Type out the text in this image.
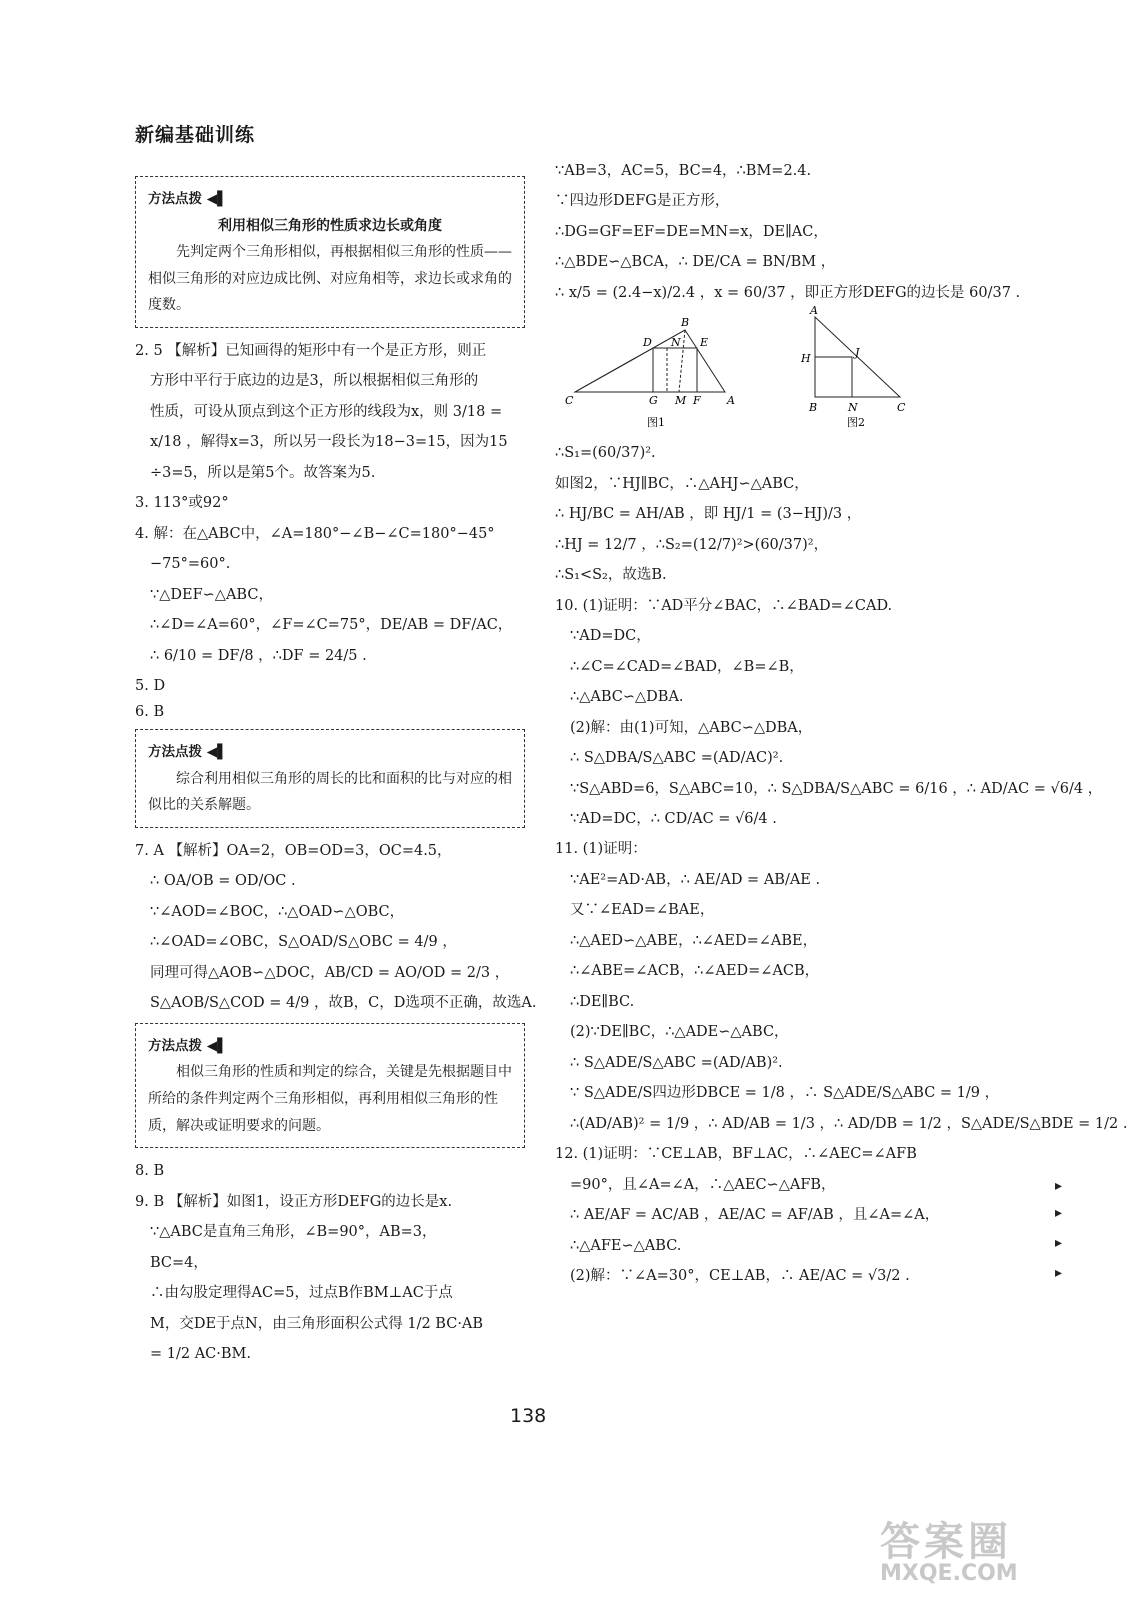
新编基础训练
方法点拨 ◀▌
利用相似三角形的性质求边长或角度
先判定两个三角形相似，再根据相似三角形的性质——相似三角形的对应边成比例、对应角相等，求边长或求角的度数。
2. 5 【解析】已知画得的矩形中有一个是正方形，则正
方形中平行于底边的边是3，所以根据相似三角形的
性质，可设从顶点到这个正方形的线段为x，则 3/18 =
x/18 ，解得x=3，所以另一段长为18−3=15，因为15
÷3=5，所以是第5个。故答案为5.
3. 113°或92°
4. 解：在△ABC中，∠A=180°−∠B−∠C=180°−45°
−75°=60°.
∵△DEF∽△ABC，
∴∠D=∠A=60°，∠F=∠C=75°，DE/AB = DF/AC，
∴ 6/10 = DF/8 ，∴DF = 24/5 .
5. D
6. B
方法点拨 ◀▌
综合利用相似三角形的周长的比和面积的比与对应的相似比的关系解题。
7. A 【解析】OA=2，OB=OD=3，OC=4.5，
∴ OA/OB = OD/OC .
∵∠AOD=∠BOC，∴△OAD∽△OBC，
∴∠OAD=∠OBC，S△OAD/S△OBC = 4/9 ，
同理可得△AOB∽△DOC，AB/CD = AO/OD = 2/3 ，
S△AOB/S△COD = 4/9 ，故B，C，D选项不正确，故选A.
方法点拨 ◀▌
相似三角形的性质和判定的综合，关键是先根据题目中所给的条件判定两个三角形相似，再利用相似三角形的性质，解决或证明要求的问题。
8. B
9. B 【解析】如图1，设正方形DEFG的边长是x.
∵△ABC是直角三角形，∠B=90°，AB=3，
BC=4，
∴由勾股定理得AC=5，过点B作BM⊥AC于点
M，交DE于点N，由三角形面积公式得 1/2 BC·AB
= 1/2 AC·BM.
∵AB=3，AC=5，BC=4，∴BM=2.4.
∵四边形DEFG是正方形，
∴DG=GF=EF=DE=MN=x，DE∥AC，
∴△BDE∽△BCA，∴ DE/CA = BN/BM ，
∴ x/5 = (2.4−x)/2.4 ，x = 60/37 ，即正方形DEFG的边长是 60/37 .
B
D N E
C	G M F A
图1
A
H	J
B	N	C
图2
∴S₁=(60/37)².
如图2，∵HJ∥BC，∴△AHJ∽△ABC，
∴ HJ/BC = AH/AB ，即 HJ/1 = (3−HJ)/3 ，
∴HJ = 12/7 ，∴S₂=(12/7)²>(60/37)²，
∴S₁<S₂，故选B.
10. (1)证明：∵AD平分∠BAC，∴∠BAD=∠CAD.
∵AD=DC，
∴∠C=∠CAD=∠BAD，∠B=∠B，
∴△ABC∽△DBA.
(2)解：由(1)可知，△ABC∽△DBA，
∴ S△DBA/S△ABC =(AD/AC)².
∵S△ABD=6，S△ABC=10，∴ S△DBA/S△ABC = 6/16 ，∴ AD/AC = √6/4 ，
∵AD=DC，∴ CD/AC = √6/4 .
11. (1)证明：
∵AE²=AD·AB，∴ AE/AD = AB/AE .
又∵∠EAD=∠BAE，
∴△AED∽△ABE，∴∠AED=∠ABE，
∴∠ABE=∠ACB，∴∠AED=∠ACB，
∴DE∥BC.
(2)∵DE∥BC，∴△ADE∽△ABC，
∴ S△ADE/S△ABC =(AD/AB)².
∵ S△ADE/S四边形DBCE = 1/8 ，∴ S△ADE/S△ABC = 1/9 ，
∴(AD/AB)² = 1/9 ，∴ AD/AB = 1/3 ，∴ AD/DB = 1/2 ，S△ADE/S△BDE = 1/2 .
12. (1)证明：∵CE⊥AB，BF⊥AC，∴∠AEC=∠AFB
=90°，且∠A=∠A，∴△AEC∽△AFB，
∴ AE/AF = AC/AB ，AE/AC = AF/AB ，且∠A=∠A，
∴△AFE∽△ABC.
(2)解：∵∠A=30°，CE⊥AB，∴ AE/AC = √3/2 .
138
▸
▸
▸
▸
答案圈
MXQE.COM
